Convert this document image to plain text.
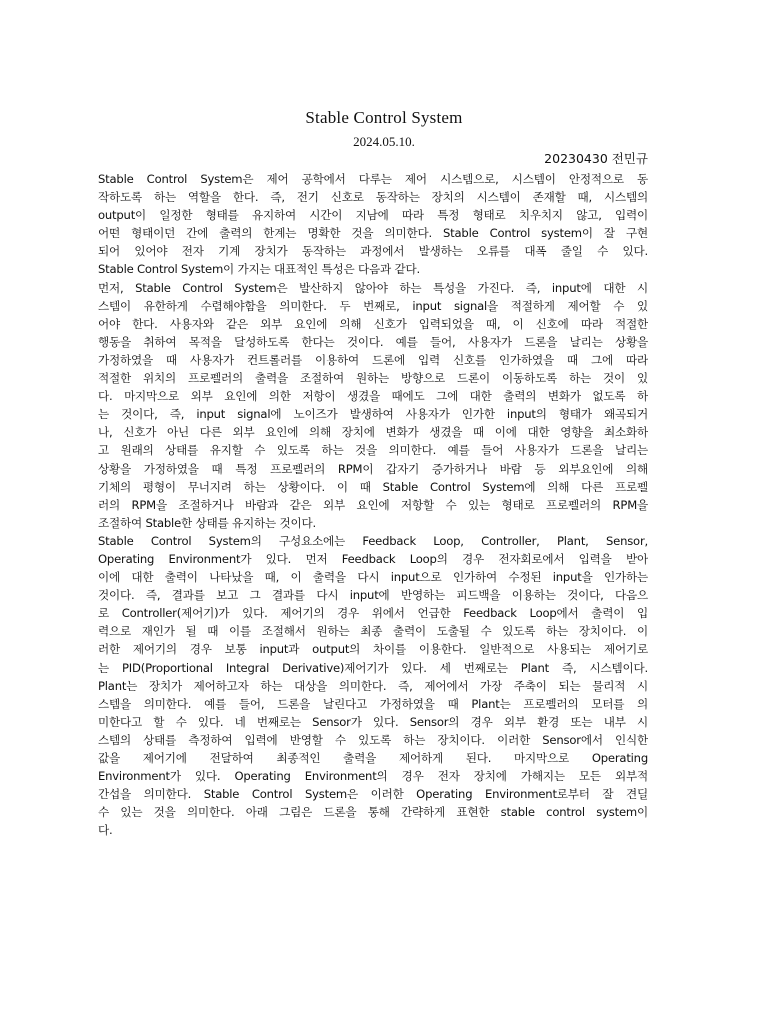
Stable Control System
2024.05.10.
20230430 전민규
Stable Control System은 제어 공학에서 다루는 제어 시스템으로, 시스템이 안정적으로 동
작하도록 하는 역할을 한다. 즉, 전기 신호로 동작하는 장치의 시스템이 존재할 때, 시스템의
output이 일정한 형태를 유지하여 시간이 지남에 따라 특정 형태로 치우치지 않고, 입력이
어떤 형태이던 간에 출력의 한계는 명확한 것을 의미한다. Stable Control system이 잘 구현
되어 있어야 전자 기계 장치가 동작하는 과정에서 발생하는 오류를 대폭 줄일 수 있다.
Stable Control System이 가지는 대표적인 특성은 다음과 같다.
먼저, Stable Control System은 발산하지 않아야 하는 특성을 가진다. 즉, input에 대한 시
스템이 유한하게 수렴해야함을 의미한다. 두 번째로, input signal을 적절하게 제어할 수 있
어야 한다. 사용자와 같은 외부 요인에 의해 신호가 입력되었을 때, 이 신호에 따라 적절한
행동을 취하여 목적을 달성하도록 한다는 것이다. 예를 들어, 사용자가 드론을 날리는 상황을
가정하였을 때 사용자가 컨트롤러를 이용하여 드론에 입력 신호를 인가하였을 때 그에 따라
적절한 위치의 프로펠러의 출력을 조절하여 원하는 방향으로 드론이 이동하도록 하는 것이 있
다. 마지막으로 외부 요인에 의한 저항이 생겼을 때에도 그에 대한 출력의 변화가 없도록 하
는 것이다, 즉, input signal에 노이즈가 발생하여 사용자가 인가한 input의 형태가 왜곡되거
나, 신호가 아닌 다른 외부 요인에 의해 장치에 변화가 생겼을 때 이에 대한 영향을 최소화하
고 원래의 상태를 유지할 수 있도록 하는 것을 의미한다. 예를 들어 사용자가 드론을 날리는
상황을 가정하였을 때 특정 프로펠러의 RPM이 갑자기 증가하거나 바람 등 외부요인에 의해
기체의 평형이 무너지려 하는 상황이다. 이 때 Stable Control System에 의해 다른 프로펠
러의 RPM을 조절하거나 바람과 같은 외부 요인에 저항할 수 있는 형태로 프로펠러의 RPM을
조절하여 Stable한 상태를 유지하는 것이다.
Stable Control System의 구성요소에는 Feedback Loop, Controller, Plant, Sensor,
Operating Environment가 있다. 먼저 Feedback Loop의 경우 전자회로에서 입력을 받아
이에 대한 출력이 나타났을 때, 이 출력을 다시 input으로 인가하여 수정된 input을 인가하는
것이다. 즉, 결과를 보고 그 결과를 다시 input에 반영하는 피드백을 이용하는 것이다, 다음으
로 Controller(제어기)가 있다. 제어기의 경우 위에서 언급한 Feedback Loop에서 출력이 입
력으로 재인가 될 때 이를 조절해서 원하는 최종 출력이 도출될 수 있도록 하는 장치이다. 이
러한 제어기의 경우 보통 input과 output의 차이를 이용한다. 일반적으로 사용되는 제어기로
는 PID(Proportional Integral Derivative)제어기가 있다. 세 번째로는 Plant 즉, 시스템이다.
Plant는 장치가 제어하고자 하는 대상을 의미한다. 즉, 제어에서 가장 주축이 되는 물리적 시
스템을 의미한다. 예를 들어, 드론을 날린다고 가정하였을 때 Plant는 프로펠러의 모터를 의
미한다고 할 수 있다. 네 번째로는 Sensor가 있다. Sensor의 경우 외부 환경 또는 내부 시
스템의 상태를 측정하여 입력에 반영할 수 있도록 하는 장치이다. 이러한 Sensor에서 인식한
값을 제어기에 전달하여 최종적인 출력을 제어하게 된다. 마지막으로 Operating
Environment가 있다. Operating Environment의 경우 전자 장치에 가해지는 모든 외부적
간섭을 의미한다. Stable Control System은 이러한 Operating Environment로부터 잘 견딜
수 있는 것을 의미한다. 아래 그림은 드론을 통해 간략하게 표현한 stable control system이
다.
